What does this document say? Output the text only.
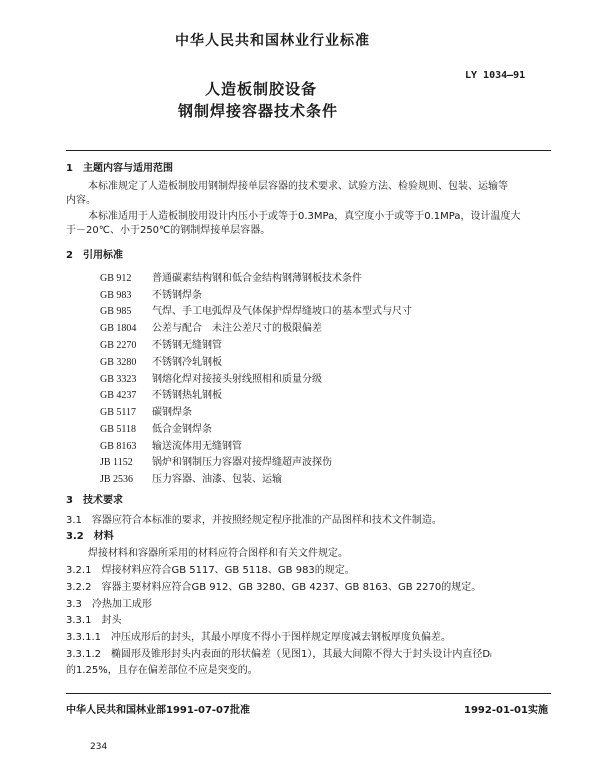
中华人民共和国林业行业标准
人造板制胶设备
钢制焊接容器技术条件
LY 1034—91
1　主题内容与适用范围
本标准规定了人造板制胶用钢制焊接单层容器的技术要求、试验方法、检验规则、包装、运输等
内容。
本标准适用于人造板制胶用设计内压小于或等于0.3MPa，真空度小于或等于0.1MPa，设计温度大
于－20℃、小于250℃的钢制焊接单层容器。
2　引用标准
GB 912 普通碳素结构钢和低合金结构钢薄钢板技术条件
GB 983 不锈钢焊条
GB 985 气焊、手工电弧焊及气体保护焊焊缝坡口的基本型式与尺寸
GB 1804 公差与配合　未注公差尺寸的极限偏差
GB 2270 不锈钢无缝钢管
GB 3280 不锈钢冷轧钢板
GB 3323 钢熔化焊对接接头射线照相和质量分级
GB 4237 不锈钢热轧钢板
GB 5117 碳钢焊条
GB 5118 低合金钢焊条
GB 8163 输送流体用无缝钢管
JB 1152 锅炉和钢制压力容器对接焊缝超声波探伤
JB 2536 压力容器、油漆、包装、运输
3　技术要求
3.1　容器应符合本标准的要求，并按照经规定程序批准的产品图样和技术文件制造。
3.2　材料
焊接材料和容器所采用的材料应符合图样和有关文件规定。
3.2.1　焊接材料应符合GB 5117、GB 5118、GB 983的规定。
3.2.2　容器主要材料应符合GB 912、GB 3280、GB 4237、GB 8163、GB 2270的规定。
3.3　冷热加工成形
3.3.1　封头
3.3.1.1　冲压成形后的封头，其最小厚度不得小于图样规定厚度减去钢板厚度负偏差。
3.3.1.2　椭圆形及锥形封头内表面的形状偏差（见图1），其最大间隙不得大于封头设计内直径Dᵢ
的1.25%，且存在偏差部位不应是突变的。
中华人民共和国林业部1991-07-07批准	1992-01-01实施
234
